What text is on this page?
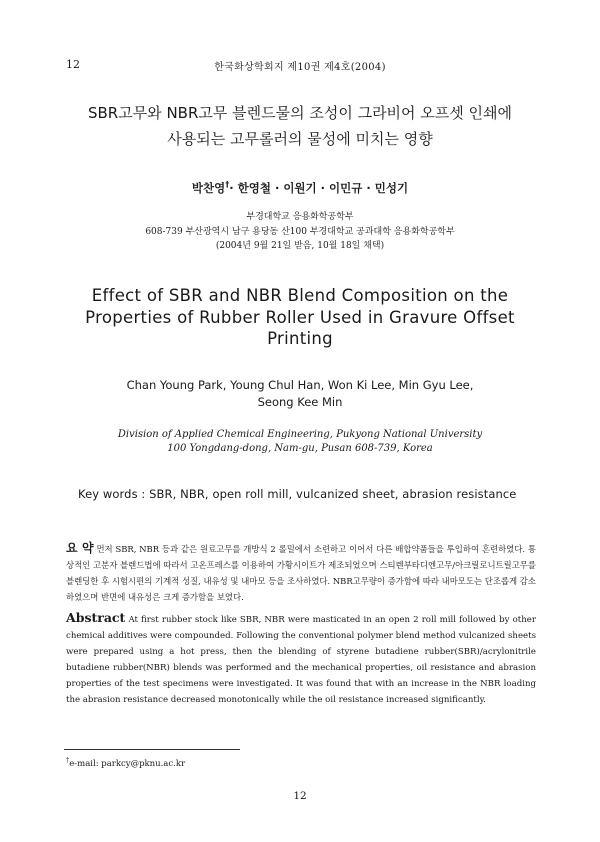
12	한국화상학회지 제10권 제4호(2004)
SBR고무와 NBR고무 블렌드물의 조성이 그라비어 오프셋 인쇄에
사용되는 고무롤러의 물성에 미치는 영향
박찬영†· 한영철 · 이원기 · 이민규 · 민성기
부경대학교 응용화학공학부
608-739 부산광역시 남구 용당동 산100 부경대학교 공과대학 응용화학공학부
(2004년 9월 21일 받음, 10월 18일 채택)
Effect of SBR and NBR Blend Composition on the
Properties of Rubber Roller Used in Gravure Offset
Printing
Chan Young Park, Young Chul Han, Won Ki Lee, Min Gyu Lee,
Seong Kee Min
Division of Applied Chemical Engineering, Pukyong National University
100 Yongdang-dong, Nam-gu, Pusan 608-739, Korea
Key words : SBR, NBR, open roll mill, vulcanized sheet, abrasion resistance
요 약 먼저 SBR, NBR 등과 같은 원료고무를 개방식 2 롤밀에서 소련하고 이어서 다른 배합약품들을 투입하여 혼련하였다. 통상적인 고분자 블렌드법에 따라서 고온프레스를 이용하여 가황시이트가 제조되었으며 스티렌부타디엔고무/아크릴로니트릴고무를 블렌딩한 후 시험시편의 기계적 성질, 내유성 및 내마모 등을 조사하였다. NBR고무량이 증가함에 따라 내마모도는 단조롭게 감소하였으며 반면에 내유성은 크게 증가함을 보였다.
Abstract At first rubber stock like SBR, NBR were masticated in an open 2 roll mill followed by other chemical additives were compounded. Following the conventional polymer blend method vulcanized sheets were prepared using a hot press, then the blending of styrene butadiene rubber(SBR)/acrylonitrile butadiene rubber(NBR) blends was performed and the mechanical properties, oil resistance and abrasion properties of the test specimens were investigated. It was found that with an increase in the NBR loading the abrasion resistance decreased monotonically while the oil resistance increased significantly.
†e-mail: parkcy@pknu.ac.kr
12
